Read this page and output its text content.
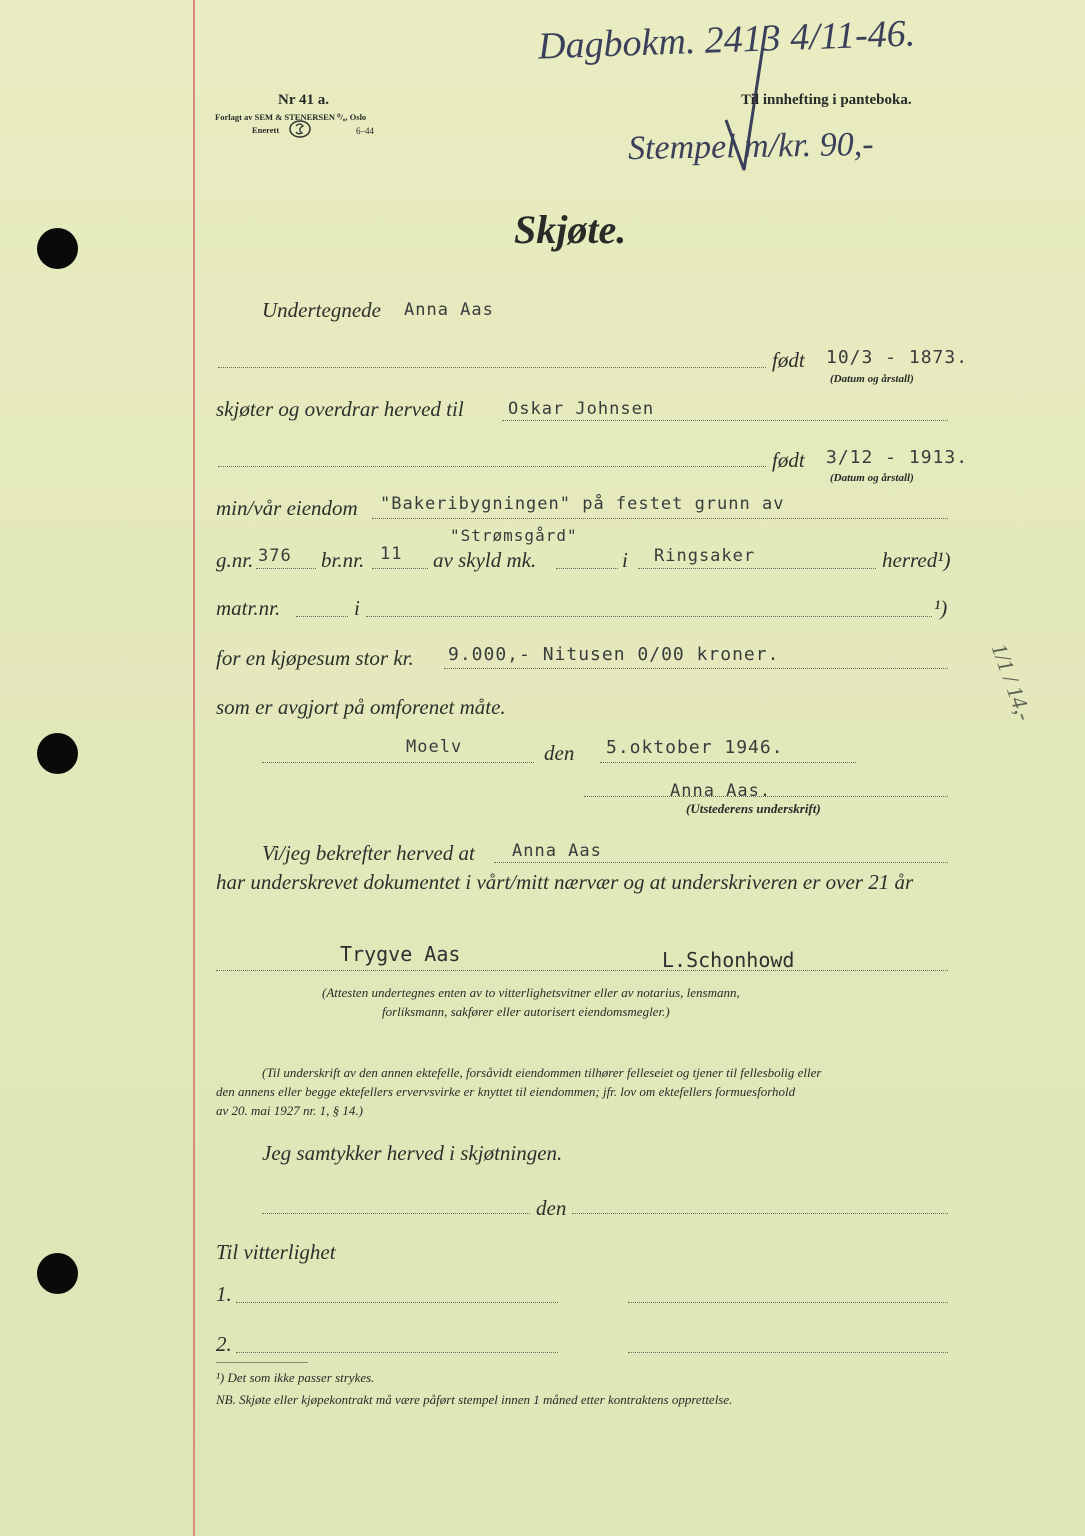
Dagbokm. 2413 4/11-46.
Stempel m/kr. 90,-
Nr 41 a.
Forlagt av SEM & STENERSEN ⁰/₀, Oslo
Enerett	6–44
Til innhefting i panteboka.
Skjøte.
Undertegnede Anna Aas
født 10/3 - 1873.
(Datum og årstall)
skjøter og overdrar herved til	Oskar Johnsen
født 3/12 - 1913.
(Datum og årstall)
min/vår eiendom "Bakeribygningen" på festet grunn av
"Strømsgård"
g.nr. 376 br.nr. 11 av skyld mk.	i Ringsaker	herred¹)
matr.nr.	i	¹)
for en kjøpesum stor kr. 9.000,- Nitusen 0/00 kroner.
som er avgjort på omforenet måte.
Moelv	den 5.oktober 1946.
Anna Aas.
(Utstederens underskrift)
Vi/jeg bekrefter herved at Anna Aas
har underskrevet dokumentet i vårt/mitt nærvær og at underskriveren er over 21 år
Trygve Aas	L.Schonhowd
(Attesten undertegnes enten av to vitterlighetsvitner eller av notarius, lensmann,
forliksmann, sakfører eller autorisert eiendomsmegler.)
(Til underskrift av den annen ektefelle, forsåvidt eiendommen tilhører felleseiet og tjener til fellesbolig eller
den annens eller begge ektefellers ervervsvirke er knyttet til eiendommen; jfr. lov om ektefellers formuesforhold
av 20. mai 1927 nr. 1, § 14.)
Jeg samtykker herved i skjøtningen.
den
Til vitterlighet
1.
2.
¹) Det som ikke passer strykes.
NB. Skjøte eller kjøpekontrakt må være påført stempel innen 1 måned etter kontraktens opprettelse.
1/1 / 14,-
